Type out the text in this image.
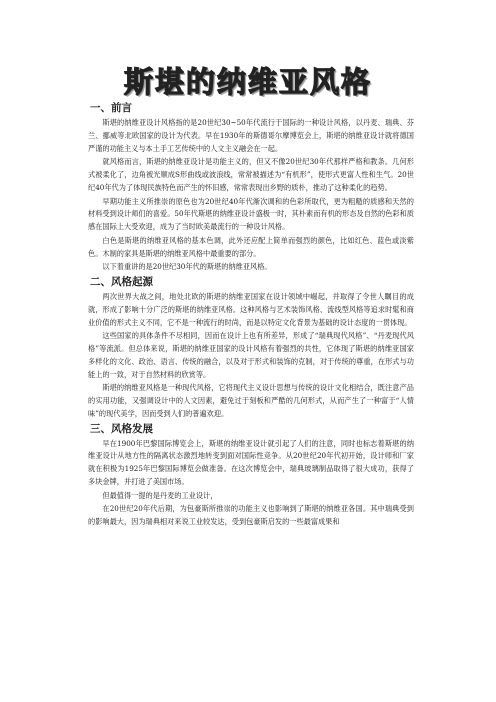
斯堪的纳维亚风格
一、前言
斯堪的纳维亚设计风格指的是20世纪30~50年代流行于国际的一种设计风格，以丹麦、瑞典、芬兰、挪威等北欧国家的设计为代表。早在1930年的斯德哥尔摩博览会上，斯堪的纳维亚设计就将德国严谨的功能主义与本土手工艺传统中的人文主义融会在一起。
就风格而言，斯堪的纳维亚设计是功能主义的，但又不像20世纪30年代那样严格和教条。几何形式被柔化了，边角被光顺成S形曲线或波浪线，常常被描述为“有机形”，使形式更富人性和生气。20世纪40年代为了体现民族特色而产生的怀旧感，常常表现出乡野的质朴，推动了这种柔化的趋势。
早期功能主义所推崇的原色也为20世纪40年代渐次调和的色彩所取代，更为粗糙的质感和天然的材料受到设计师们的喜爱。50年代斯堪的纳维亚设计盛极一时，其朴素而有机的形态及自然的色彩和质感在国际上大受欢迎，成为了当时欧美最流行的一种设计风格。
白色是斯堪的纳维亚风格的基本色调，此外还应配上简单而强烈的颜色，比如红色、蓝色或淡紫色。木制的家具是斯堪的纳维亚风格中最重要的部分。
以下着重讲的是20世纪30年代的斯堪的纳维亚风格。
二、风格起源
两次世界大战之间，地处北欧的斯堪的纳维亚国家在设计领域中崛起，并取得了令世人瞩目的成就，形成了影响十分广泛的斯堪的纳维亚风格。这种风格与艺术装饰风格、流线型风格等追求时髦和商业价值的形式主义不同，它不是一种流行的时尚，而是以特定文化背景为基础的设计态度的一贯体现。
这些国家的具体条件不尽相同，因而在设计上也有所差异，形成了“瑞典现代风格”、“丹麦现代风格”等流派。但总体来说，斯堪的纳维亚国家的设计风格有着强烈的共性，它体现了斯堪的纳维亚国家多样化的文化、政治、语言、传统的融合，以及对于形式和装饰的克制，对于传统的尊重，在形式与功能上的一致，对于自然材料的欣赏等。
斯堪的纳维亚风格是一种现代风格，它将现代主义设计思想与传统的设计文化相结合，既注意产品的实用功能，又强调设计中的人文因素，避免过于刻板和严酷的几何形式，从而产生了一种富于“人情味”的现代美学，因而受到人们的普遍欢迎。
三、风格发展
早在1900年巴黎国际博览会上，斯堪的纳维亚设计就引起了人们的注意，同时也标志着斯堪的纳维亚设计从地方性的隔离状态激烈地转变到面对国际性竞争。从20世纪20年代初开始，设计师和厂家就在积极为1925年巴黎国际博览会做准备。在这次博览会中，瑞典玻璃制品取得了很大成功，获得了多块金牌，并打进了美国市场。
但最值得一提的是丹麦的工业设计，
在20世纪20年代后期，为包豪斯所推崇的功能主义也影响到了斯堪的纳维亚各国。其中瑞典受到的影响最大，因为瑞典相对来说工业较发达，受到包豪斯启发的一些最富成果和
